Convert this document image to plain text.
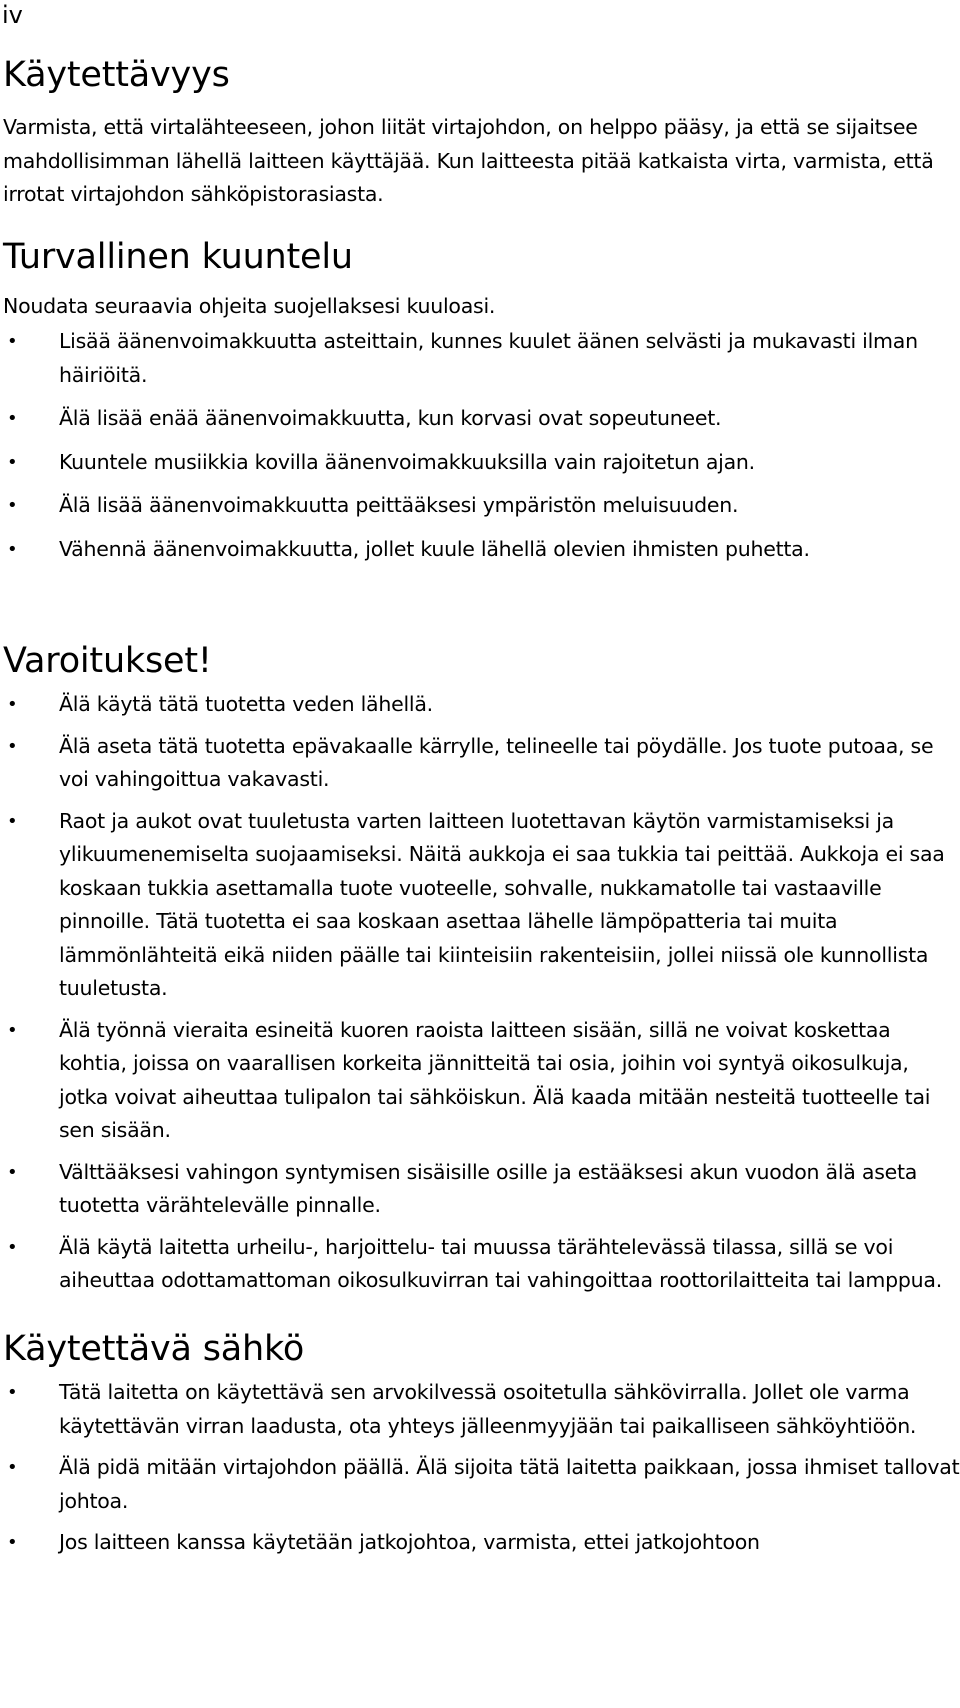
iv
Käytettävyys
Varmista, että virtalähteeseen, johon liität virtajohdon, on helppo pääsy, ja että se sijaitsee mahdollisimman lähellä laitteen käyttäjää. Kun laitteesta pitää katkaista virta, varmista, että irrotat virtajohdon sähköpistorasiasta.
Turvallinen kuuntelu
Noudata seuraavia ohjeita suojellaksesi kuuloasi.
• Lisää äänenvoimakkuutta asteittain, kunnes kuulet äänen selvästi ja mukavasti ilman häiriöitä.
• Älä lisää enää äänenvoimakkuutta, kun korvasi ovat sopeutuneet.
• Kuuntele musiikkia kovilla äänenvoimakkuuksilla vain rajoitetun ajan.
• Älä lisää äänenvoimakkuutta peittääksesi ympäristön meluisuuden.
• Vähennä äänenvoimakkuutta, jollet kuule lähellä olevien ihmisten puhetta.
Varoitukset!
• Älä käytä tätä tuotetta veden lähellä.
• Älä aseta tätä tuotetta epävakaalle kärrylle, telineelle tai pöydälle. Jos tuote putoaa, se voi vahingoittua vakavasti.
• Raot ja aukot ovat tuuletusta varten laitteen luotettavan käytön varmistamiseksi ja ylikuumenemiselta suojaamiseksi. Näitä aukkoja ei saa tukkia tai peittää. Aukkoja ei saa koskaan tukkia asettamalla tuote vuoteelle, sohvalle, nukkamatolle tai vastaaville pinnoille. Tätä tuotetta ei saa koskaan asettaa lähelle lämpöpatteria tai muita lämmönlähteitä eikä niiden päälle tai kiinteisiin rakenteisiin, jollei niissä ole kunnollista tuuletusta.
• Älä työnnä vieraita esineitä kuoren raoista laitteen sisään, sillä ne voivat koskettaa kohtia, joissa on vaarallisen korkeita jännitteitä tai osia, joihin voi syntyä oikosulkuja, jotka voivat aiheuttaa tulipalon tai sähköiskun. Älä kaada mitään nesteitä tuotteelle tai sen sisään.
• Välttääksesi vahingon syntymisen sisäisille osille ja estääksesi akun vuodon älä aseta tuotetta värähtelevälle pinnalle.
• Älä käytä laitetta urheilu-, harjoittelu- tai muussa tärähtelevässä tilassa, sillä se voi aiheuttaa odottamattoman oikosulkuvirran tai vahingoittaa roottorilaitteita tai lamppua.
Käytettävä sähkö
• Tätä laitetta on käytettävä sen arvokilvessä osoitetulla sähkövirralla. Jollet ole varma käytettävän virran laadusta, ota yhteys jälleenmyyjään tai paikalliseen sähköyhtiöön.
• Älä pidä mitään virtajohdon päällä. Älä sijoita tätä laitetta paikkaan, jossa ihmiset tallovat johtoa.
• Jos laitteen kanssa käytetään jatkojohtoa, varmista, ettei jatkojohtoon
